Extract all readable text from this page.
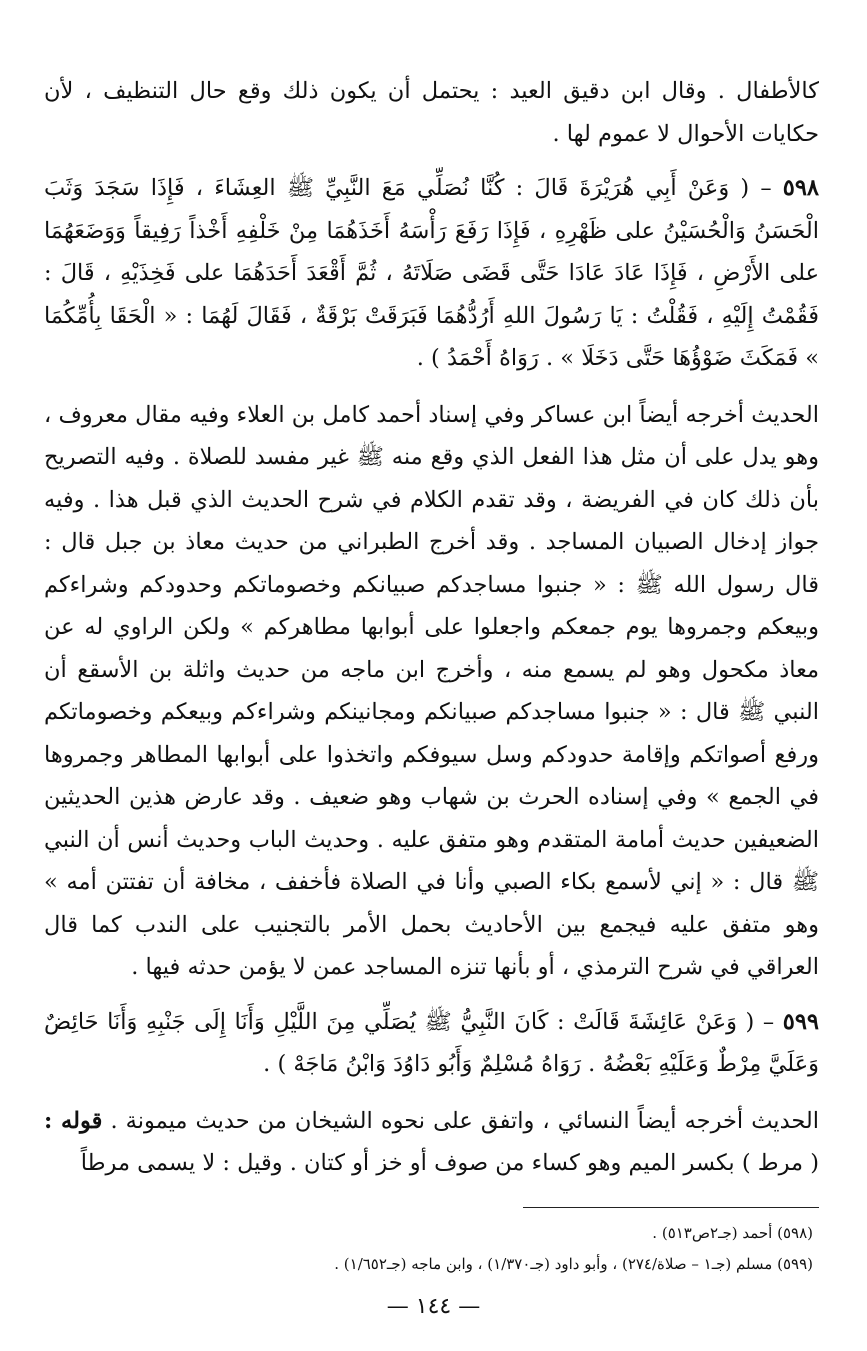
كالأطفال . وقال ابن دقيق العيد : يحتمل أن يكون ذلك وقع حال التنظيف ، لأن حكايات الأحوال لا عموم لها .

٥٩٨ – ( وَعَنْ أَبِي هُرَيْرَةَ قَالَ : كُنَّا نُصَلِّي مَعَ النَّبِيِّ ﷺ العِشَاءَ ، فَإِذَا سَجَدَ وَثَبَ الْحَسَنُ وَالْحُسَيْنُ على ظَهْرِهِ ، فَإِذَا رَفَعَ رَأْسَهُ أَخَذَهُمَا مِنْ خَلْفِهِ أَخْذاً رَفِيقاً وَوَضَعَهُمَا على الأَرْضِ ، فَإِذَا عَادَ عَادَا حَتَّى قَضَى صَلَاتَهُ ، ثُمَّ أَقْعَدَ أَحَدَهُمَا على فَخِذَيْهِ ، قَالَ : فَقُمْتُ إِلَيْهِ ، فَقُلْتُ : يَا رَسُولَ اللهِ أَرُدُّهُمَا فَبَرَقَتْ بَرْقَةٌ ، فَقَالَ لَهُمَا : « الْحَقَا بِأُمِّكُمَا » فَمَكَثَ ضَوْؤُهَا حَتَّى دَخَلَا » . رَوَاهُ أَحْمَدُ ) .

الحديث أخرجه أيضاً ابن عساكر وفي إسناد أحمد كامل بن العلاء وفيه مقال معروف ، وهو يدل على أن مثل هذا الفعل الذي وقع منه ﷺ غير مفسد للصلاة . وفيه التصريح بأن ذلك كان في الفريضة ، وقد تقدم الكلام في شرح الحديث الذي قبل هذا . وفيه جواز إدخال الصبيان المساجد . وقد أخرج الطبراني من حديث معاذ بن جبل قال : قال رسول الله ﷺ : « جنبوا مساجدكم صبيانكم وخصوماتكم وحدودكم وشراءكم وبيعكم وجمروها يوم جمعكم واجعلوا على أبوابها مطاهركم » ولكن الراوي له عن معاذ مكحول وهو لم يسمع منه ، وأخرج ابن ماجه من حديث واثلة بن الأسقع أن النبي ﷺ قال : « جنبوا مساجدكم صبيانكم ومجانينكم وشراءكم وبيعكم وخصوماتكم ورفع أصواتكم وإقامة حدودكم وسل سيوفكم واتخذوا على أبوابها المطاهر وجمروها في الجمع » وفي إسناده الحرث بن شهاب وهو ضعيف . وقد عارض هذين الحديثين الضعيفين حديث أمامة المتقدم وهو متفق عليه . وحديث الباب وحديث أنس أن النبي ﷺ قال : « إني لأسمع بكاء الصبي وأنا في الصلاة فأخفف ، مخافة أن تفتتن أمه » وهو متفق عليه فيجمع بين الأحاديث بحمل الأمر بالتجنيب على الندب كما قال العراقي في شرح الترمذي ، أو بأنها تنزه المساجد عمن لا يؤمن حدثه فيها .

٥٩٩ – ( وَعَنْ عَائِشَةَ قَالَتْ : كَانَ النَّبِيُّ ﷺ يُصَلِّي مِنَ اللَّيْلِ وَأَنَا إِلَى جَنْبِهِ وَأَنَا حَائِضٌ وَعَلَيَّ مِرْطٌ وَعَلَيْهِ بَعْضُهُ . رَوَاهُ مُسْلِمٌ وَأَبُو دَاوُدَ وَابْنُ مَاجَهْ ) .

الحديث أخرجه أيضاً النسائي ، واتفق على نحوه الشيخان من حديث ميمونة . قوله : ( مرط ) بكسر الميم وهو كساء من صوف أو خز أو كتان . وقيل : لا يسمى مرطاً

(٥٩٨) أحمد (جـ٢ص٥١٣) .

(٥٩٩) مسلم (جـ١ – صلاة/٢٧٤) ، وأبو داود (جـ١/٣٧٠) ، وابن ماجه (جـ١/٦٥٢) .

— ١٤٤ —
